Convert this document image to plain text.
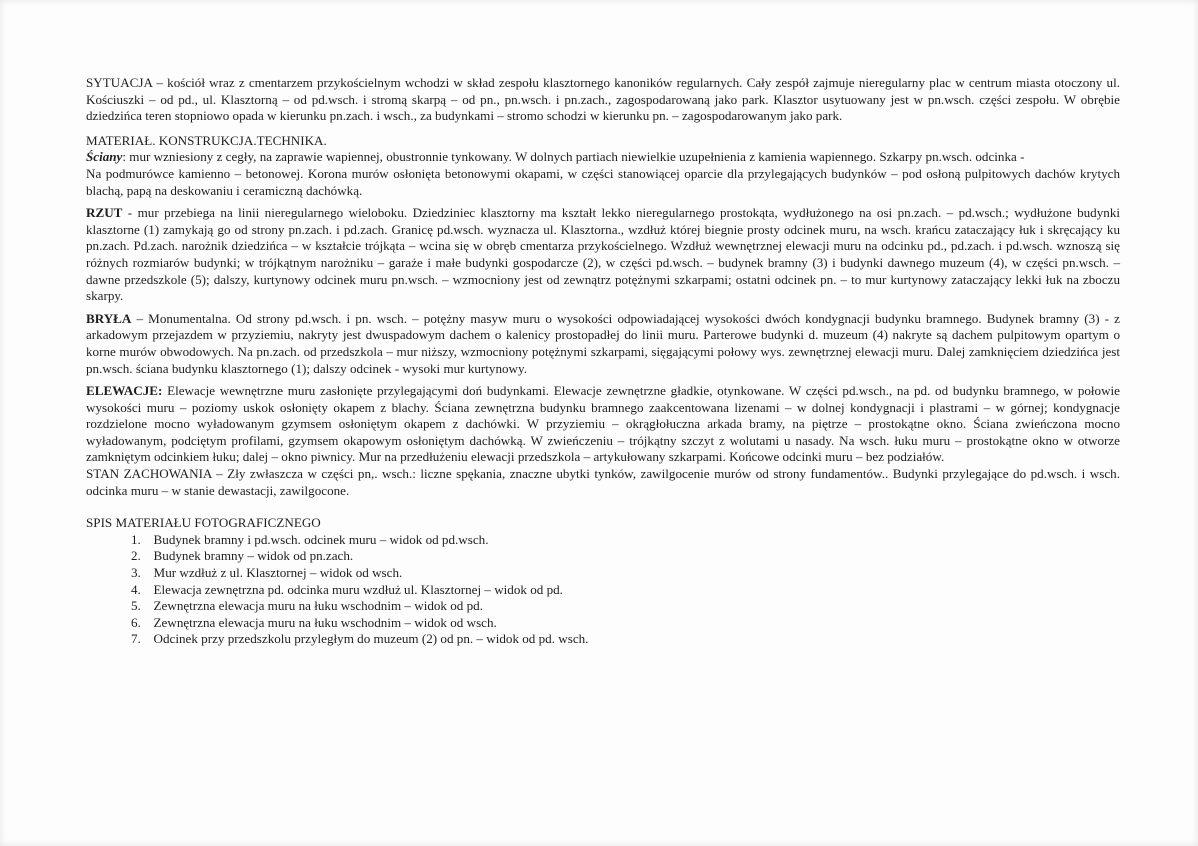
SYTUACJA – kościół wraz z cmentarzem przykościelnym wchodzi w skład zespołu klasztornego kanoników regularnych. Cały zespół zajmuje nieregularny plac w centrum miasta otoczony ul. Kościuszki – od pd., ul. Klasztorną – od pd.wsch. i stromą skarpą – od pn., pn.wsch. i pn.zach., zagospodarowaną jako park. Klasztor usytuowany jest w pn.wsch. części zespołu. W obrębie dziedzińca teren stopniowo opada w kierunku pn.zach. i wsch., za budynkami – stromo schodzi w kierunku pn. – zagospodarowanym jako park.

MATERIAŁ. KONSTRUKCJA.TECHNIKA.

Ściany: mur wzniesiony z cegły, na zaprawie wapiennej, obustronnie tynkowany. W dolnych partiach niewielkie uzupełnienia z kamienia wapiennego. Szkarpy pn.wsch. odcinka -

Na podmurówce kamienno – betonowej. Korona murów osłonięta betonowymi okapami, w części stanowiącej oparcie dla przylegających budynków – pod osłoną pulpitowych dachów krytych blachą, papą na deskowaniu i ceramiczną dachówką.

RZUT - mur przebiega na linii nieregularnego wieloboku. Dziedziniec klasztorny ma kształt lekko nieregularnego prostokąta, wydłużonego na osi pn.zach. – pd.wsch.; wydłużone budynki klasztorne (1) zamykają go od strony pn.zach. i pd.zach. Granicę pd.wsch. wyznacza ul. Klasztorna., wzdłuż której biegnie prosty odcinek muru, na wsch. krańcu zataczający łuk i skręcający ku pn.zach. Pd.zach. narożnik dziedzińca – w kształcie trójkąta – wcina się w obręb cmentarza przykościelnego. Wzdłuż wewnętrznej elewacji muru na odcinku pd., pd.zach. i pd.wsch. wznoszą się różnych rozmiarów budynki; w trójkątnym narożniku – garaże i małe budynki gospodarcze (2), w części pd.wsch. – budynek bramny (3) i budynki dawnego muzeum (4), w części pn.wsch. – dawne przedszkole (5); dalszy, kurtynowy odcinek muru pn.wsch. – wzmocniony jest od zewnątrz potężnymi szkarpami; ostatni odcinek pn. – to mur kurtynowy zataczający lekki łuk na zboczu skarpy.

BRYŁA – Monumentalna. Od strony pd.wsch. i pn. wsch. – potężny masyw muru o wysokości odpowiadającej wysokości dwóch kondygnacji budynku bramnego. Budynek bramny (3) - z arkadowym przejazdem w przyziemiu, nakryty jest dwuspadowym dachem o kalenicy prostopadłej do linii muru. Parterowe budynki d. muzeum (4) nakryte są dachem pulpitowym opartym o korne murów obwodowych. Na pn.zach. od przedszkola – mur niższy, wzmocniony potężnymi szkarpami, sięgającymi połowy wys. zewnętrznej elewacji muru. Dalej zamknięciem dziedzińca jest pn.wsch. ściana budynku klasztornego (1); dalszy odcinek - wysoki mur kurtynowy.

ELEWACJE: Elewacje wewnętrzne muru zasłonięte przylegającymi doń budynkami. Elewacje zewnętrzne gładkie, otynkowane. W części pd.wsch., na pd. od budynku bramnego, w połowie wysokości muru – poziomy uskok osłonięty okapem z blachy. Ściana zewnętrzna budynku bramnego zaakcentowana lizenami – w dolnej kondygnacji i plastrami – w górnej; kondygnacje rozdzielone mocno wyładowanym gzymsem osłoniętym okapem z dachówki. W przyziemiu – okrągłołuczna arkada bramy, na piętrze – prostokątne okno. Ściana zwieńczona mocno wyładowanym, podciętym profilami, gzymsem okapowym osłoniętym dachówką. W zwieńczeniu – trójkątny szczyt z wolutami u nasady. Na wsch. łuku muru – prostokątne okno w otworze zamkniętym odcinkiem łuku; dalej – okno piwnicy. Mur na przedłużeniu elewacji przedszkola – artykułowany szkarpami. Końcowe odcinki muru – bez podziałów.

STAN ZACHOWANIA – Zły zwłaszcza w części pn,. wsch.: liczne spękania, znaczne ubytki tynków, zawilgocenie murów od strony fundamentów.. Budynki przylegające do pd.wsch. i wsch. odcinka muru – w stanie dewastacji, zawilgocone.

SPIS MATERIAŁU FOTOGRAFICZNEGO

1.
Budynek bramny i pd.wsch. odcinek muru – widok od pd.wsch.
2.
Budynek bramny – widok od pn.zach.
3.
Mur wzdłuż z ul. Klasztornej – widok od wsch.
4.
Elewacja zewnętrzna pd. odcinka muru wzdłuż ul. Klasztornej – widok od pd.
5.
Zewnętrzna elewacja muru na łuku wschodnim – widok od pd.
6.
Zewnętrzna elewacja muru na łuku wschodnim – widok od wsch.
7.
Odcinek przy przedszkolu przyległym do muzeum (2) od pn. – widok od pd. wsch.
